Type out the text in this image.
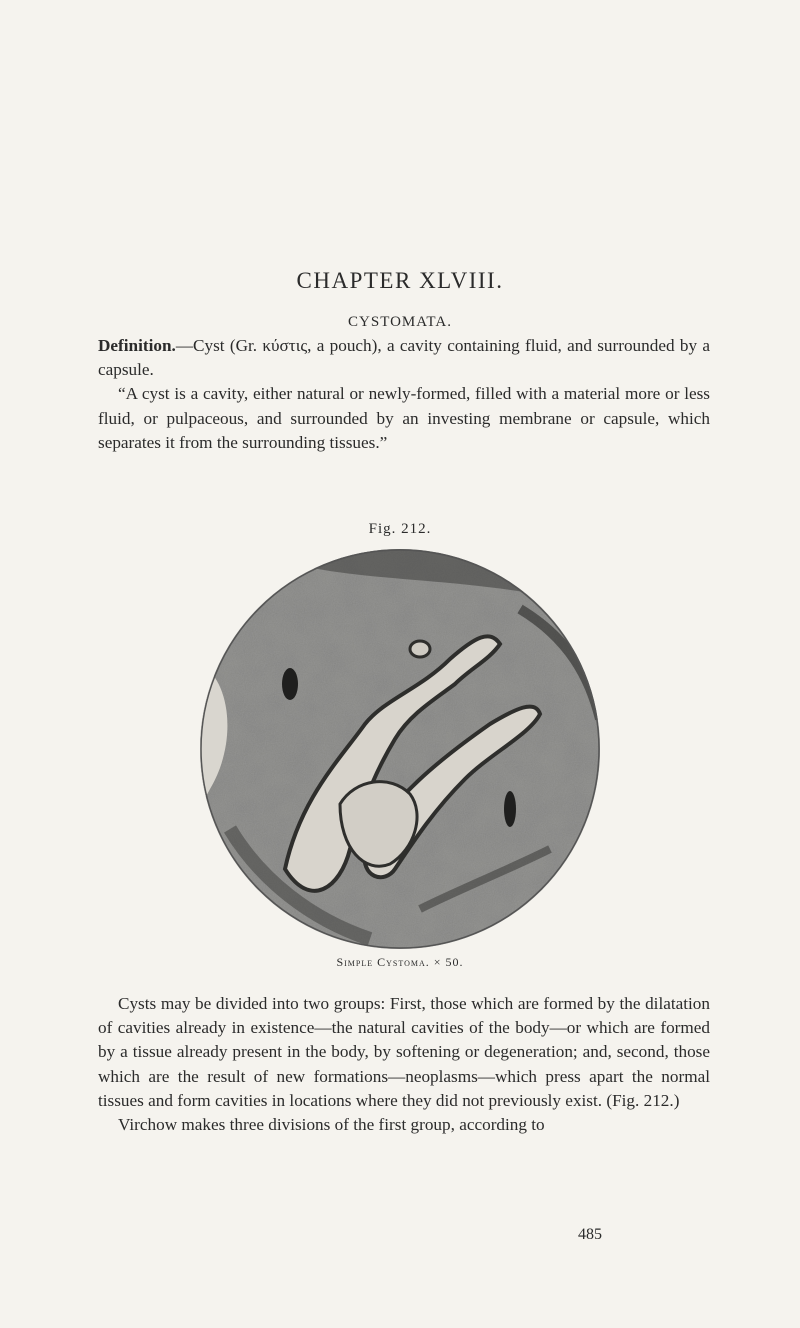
CHAPTER XLVIII.
CYSTOMATA.
Definition.—Cyst (Gr. κύστις, a pouch), a cavity containing fluid, and surrounded by a capsule.
“A cyst is a cavity, either natural or newly-formed, filled with a material more or less fluid, or pulpaceous, and surrounded by an investing membrane or capsule, which separates it from the surrounding tissues.”
Fig. 212.
Simple Cystoma. × 50.
Cysts may be divided into two groups: First, those which are formed by the dilatation of cavities already in existence—the natural cavities of the body—or which are formed by a tissue already present in the body, by softening or degeneration; and, second, those which are the result of new formations—neoplasms—which press apart the normal tissues and form cavities in locations where they did not previously exist. (Fig. 212.)
Virchow makes three divisions of the first group, according to
485
